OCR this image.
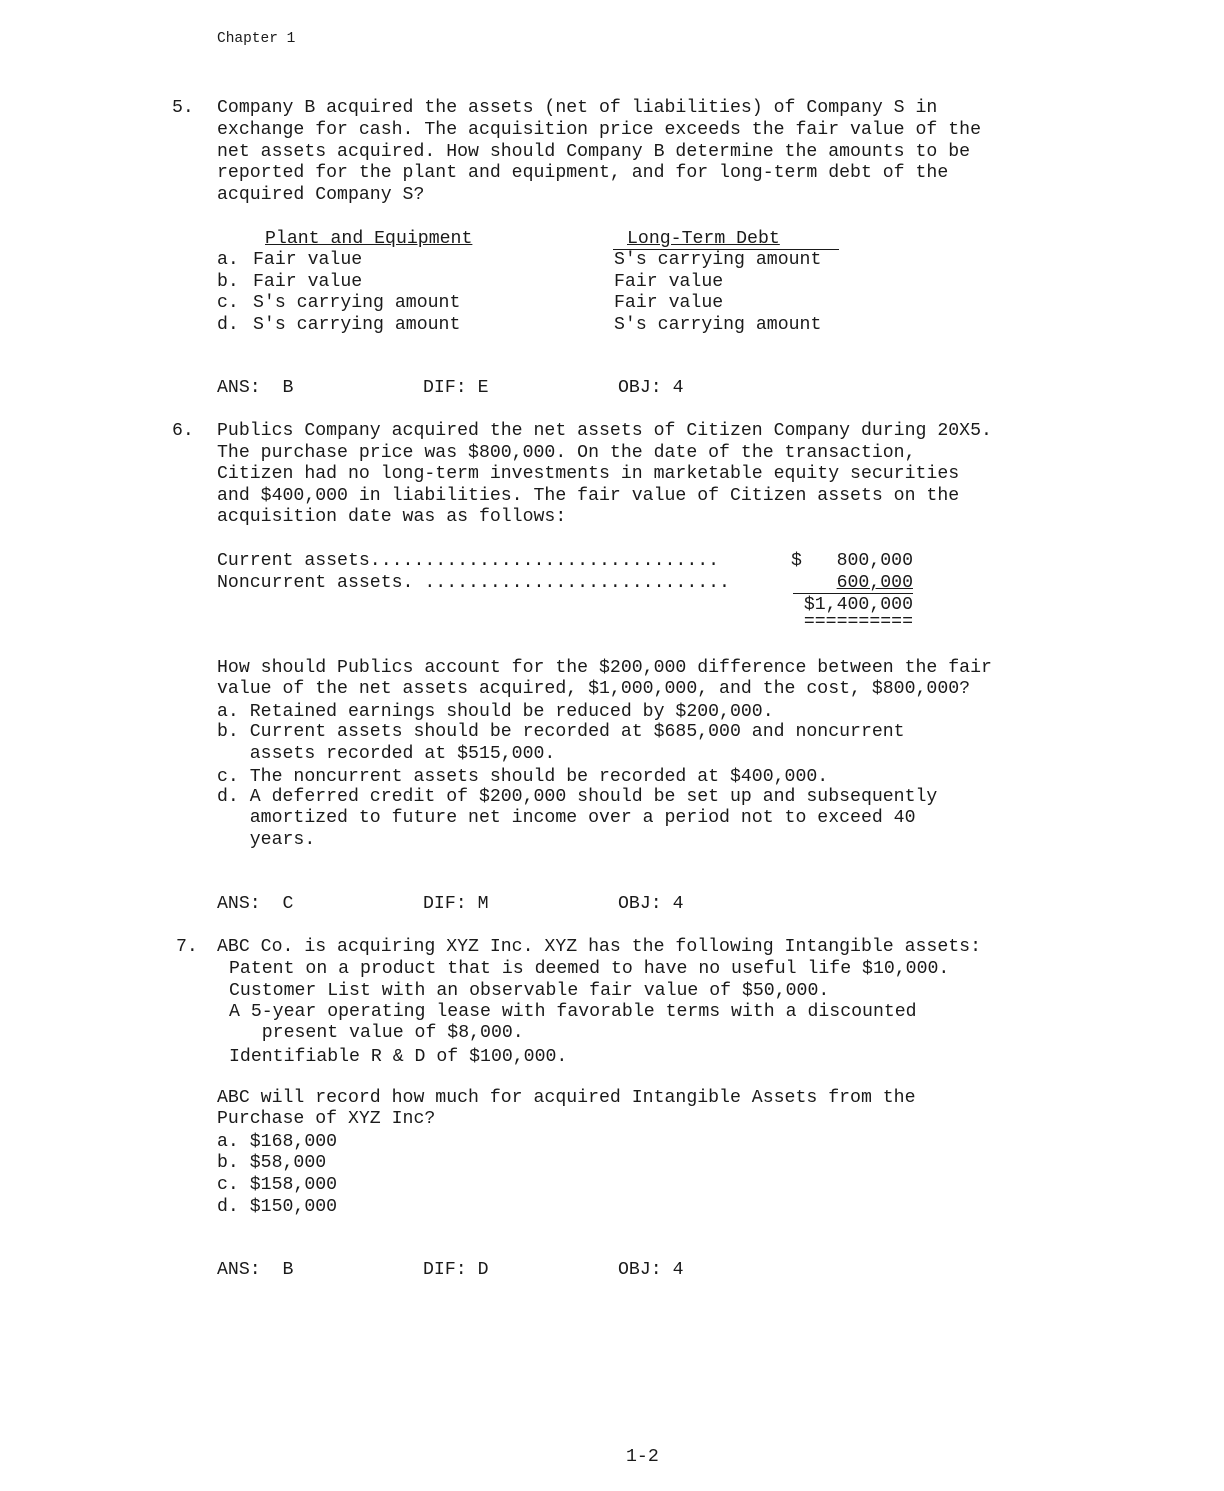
Chapter 1
5. Company B acquired the assets (net of liabilities) of Company S in
exchange for cash. The acquisition price exceeds the fair value of the
net assets acquired. How should Company B determine the amounts to be
reported for the plant and equipment, and for long-term debt of the
acquired Company S?
Plant and Equipment	Long-Term Debt
a. Fair value	S's carrying amount
b. Fair value	Fair value
c. S's carrying amount	Fair value
d. S's carrying amount	S's carrying amount
ANS:  B	DIF: E	OBJ: 4
6. Publics Company acquired the net assets of Citizen Company during 20X5.
The purchase price was $800,000. On the date of the transaction,
Citizen had no long-term investments in marketable equity securities
and $400,000 in liabilities. The fair value of Citizen assets on the
acquisition date was as follows:
Current assets................................	$	800,000
Noncurrent assets. ............................	600,000
$1,400,000
==========
How should Publics account for the $200,000 difference between the fair
value of the net assets acquired, $1,000,000, and the cost, $800,000?
a. Retained earnings should be reduced by $200,000.
b. Current assets should be recorded at $685,000 and noncurrent
assets recorded at $515,000.
c. The noncurrent assets should be recorded at $400,000.
d. A deferred credit of $200,000 should be set up and subsequently
amortized to future net income over a period not to exceed 40
years.
ANS:  C	DIF: M	OBJ: 4
7. ABC Co. is acquiring XYZ Inc. XYZ has the following Intangible assets:
Patent on a product that is deemed to have no useful life $10,000.
Customer List with an observable fair value of $50,000.
A 5-year operating lease with favorable terms with a discounted
present value of $8,000.
Identifiable R & D of $100,000.
ABC will record how much for acquired Intangible Assets from the
Purchase of XYZ Inc?
a. $168,000
b. $58,000
c. $158,000
d. $150,000
ANS:  B	DIF: D	OBJ: 4
1-2
